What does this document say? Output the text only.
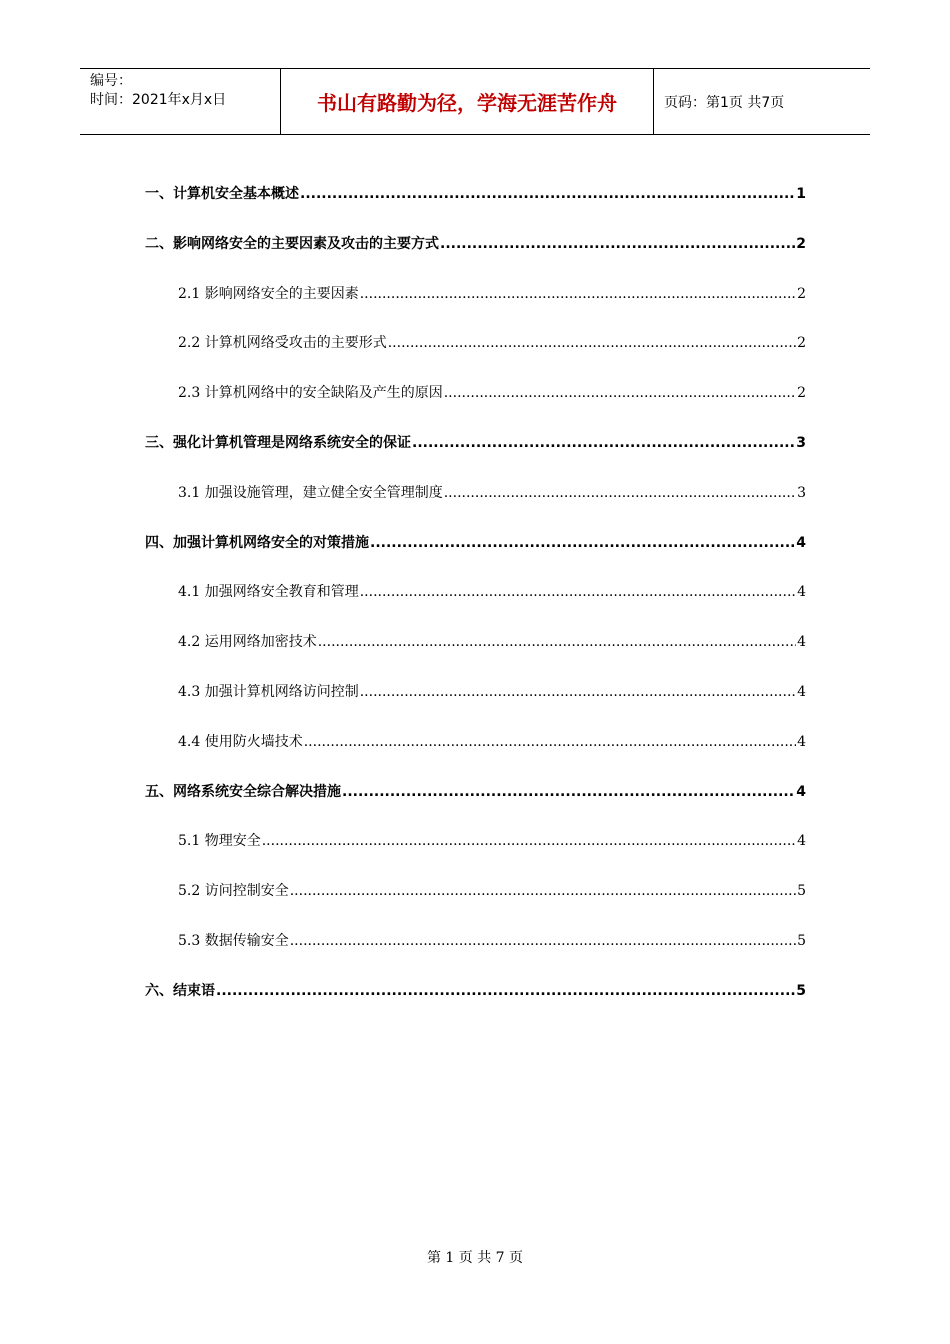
编号：
时间：2021年x月x日	书山有路勤为径，学海无涯苦作舟	页码：第1页 共7页
一、计算机安全基本概述 .....	1
二、影响网络安全的主要因素及攻击的主要方式 .....	2
2.1 影响网络安全的主要因素 .....	2
2.2 计算机网络受攻击的主要形式 .....	2
2.3 计算机网络中的安全缺陷及产生的原因 .....	2
三、强化计算机管理是网络系统安全的保证 .....	3
3.1 加强设施管理，建立健全安全管理制度 .....	3
四、加强计算机网络安全的对策措施 .....	4
4.1 加强网络安全教育和管理 .....	4
4.2 运用网络加密技术 .....	4
4.3 加强计算机网络访问控制 .....	4
4.4 使用防火墙技术 .....	4
五、网络系统安全综合解决措施 .....	4
5.1 物理安全 .....	4
5.2 访问控制安全 .....	5
5.3 数据传输安全 .....	5
六、结束语 .....	5
第 1 页 共 7 页
